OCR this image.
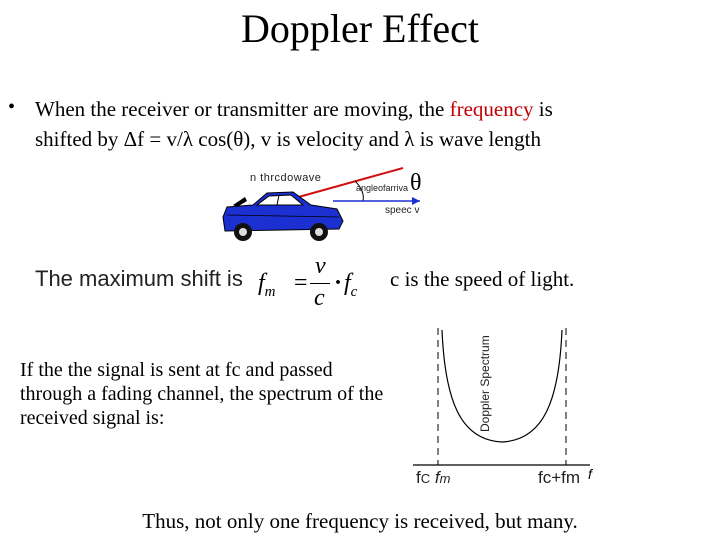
Doppler Effect
• When the receiver or transmitter are moving, the frequency is
shifted by Δf = v/λ cos(θ), v is velocity and λ is wave length
n thrcdowave
angleofarriva θ
speec v
The maximum shift is $f_m$ =
v
c
· $f_c$
c is the speed of light.
If the the signal is sent at fc and passed through a fading channel, the spectrum of the received signal is:	Doppler Spectrum
fC fm	fc+fm f
Thus, not only one frequency is received, but many.
